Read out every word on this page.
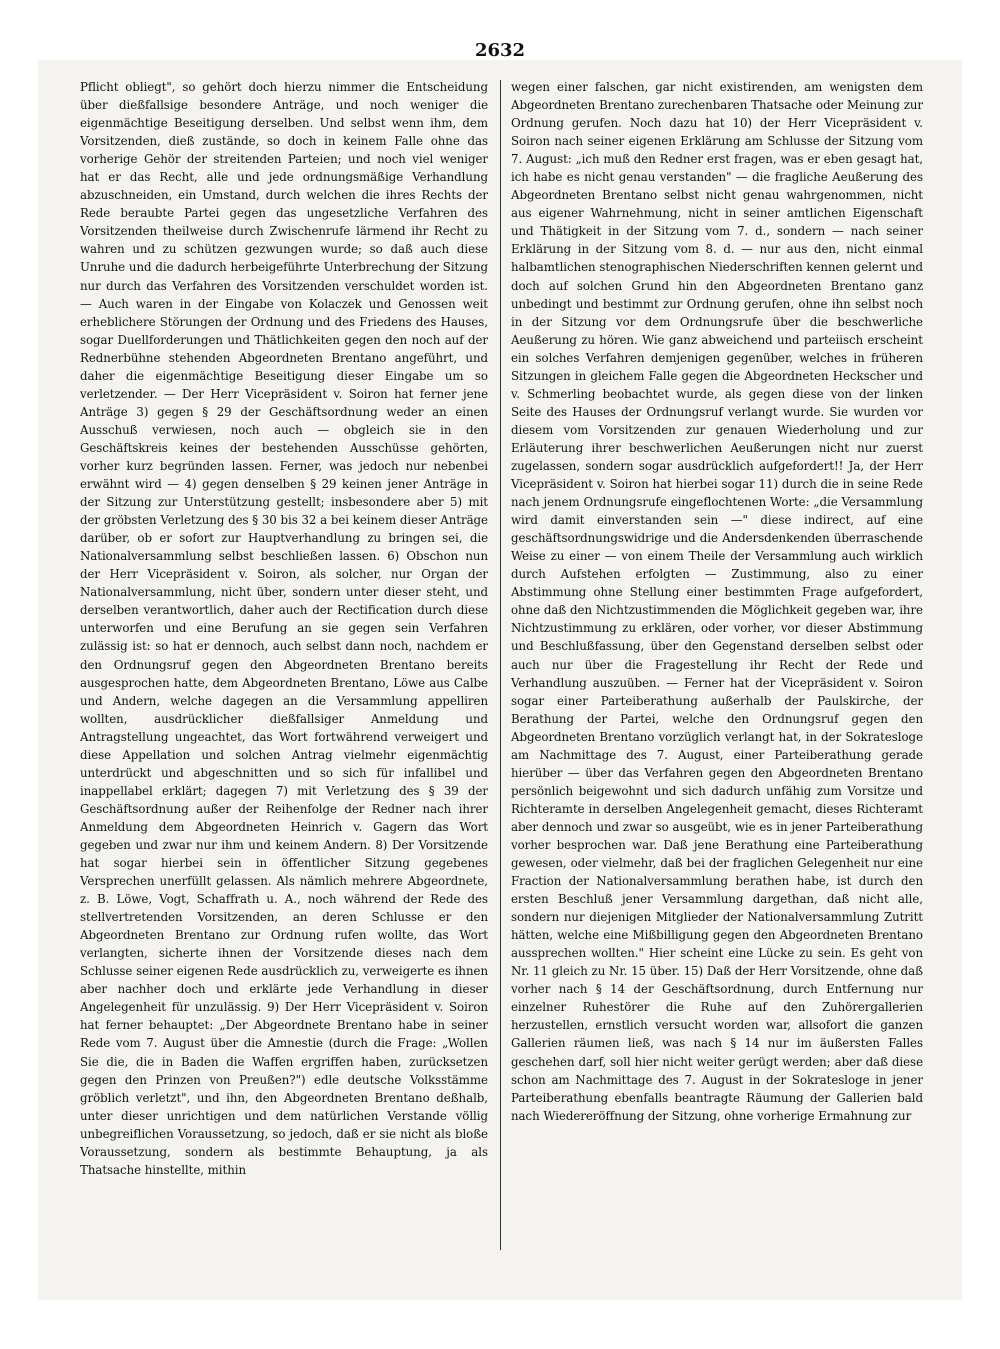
2632

Pflicht obliegt", so gehört doch hierzu nimmer die Entscheidung über dießfallsige besondere Anträge, und noch weniger die eigenmächtige Beseitigung derselben. Und selbst wenn ihm, dem Vorsitzenden, dieß zustände, so doch in keinem Falle ohne das vorherige Gehör der streitenden Parteien; und noch viel weniger hat er das Recht, alle und jede ordnungsmäßige Verhandlung abzuschneiden, ein Umstand, durch welchen die ihres Rechts der Rede beraubte Partei gegen das ungesetzliche Verfahren des Vorsitzenden theilweise durch Zwischenrufe lärmend ihr Recht zu wahren und zu schützen gezwungen wurde; so daß auch diese Unruhe und die dadurch herbeigeführte Unterbrechung der Sitzung nur durch das Verfahren des Vorsitzenden verschuldet worden ist. — Auch waren in der Eingabe von Kolaczek und Genossen weit erheblichere Störungen der Ordnung und des Friedens des Hauses, sogar Duellforderungen und Thätlichkeiten gegen den noch auf der Rednerbühne stehenden Abgeordneten Brentano angeführt, und daher die eigenmächtige Beseitigung dieser Eingabe um so verletzender. — Der Herr Vicepräsident v. Soiron hat ferner jene Anträge 3) gegen § 29 der Geschäftsordnung weder an einen Ausschuß verwiesen, noch auch — obgleich sie in den Geschäftskreis keines der bestehenden Ausschüsse gehörten, vorher kurz begründen lassen. Ferner, was jedoch nur nebenbei erwähnt wird — 4) gegen denselben § 29 keinen jener Anträge in der Sitzung zur Unterstützung gestellt; insbesondere aber 5) mit der gröbsten Verletzung des § 30 bis 32 a bei keinem dieser Anträge darüber, ob er sofort zur Hauptverhandlung zu bringen sei, die Nationalversammlung selbst beschließen lassen. 6) Obschon nun der Herr Vicepräsident v. Soiron, als solcher, nur Organ der Nationalversammlung, nicht über, sondern unter dieser steht, und derselben verantwortlich, daher auch der Rectification durch diese unterworfen und eine Berufung an sie gegen sein Verfahren zulässig ist: so hat er dennoch, auch selbst dann noch, nachdem er den Ordnungsruf gegen den Abgeordneten Brentano bereits ausgesprochen hatte, dem Abgeordneten Brentano, Löwe aus Calbe und Andern, welche dagegen an die Versammlung appelliren wollten, ausdrücklicher dießfallsiger Anmeldung und Antragstellung ungeachtet, das Wort fortwährend verweigert und diese Appellation und solchen Antrag vielmehr eigenmächtig unterdrückt und abgeschnitten und so sich für infallibel und inappellabel erklärt; dagegen 7) mit Verletzung des § 39 der Geschäftsordnung außer der Reihenfolge der Redner nach ihrer Anmeldung dem Abgeordneten Heinrich v. Gagern das Wort gegeben und zwar nur ihm und keinem Andern. 8) Der Vorsitzende hat sogar hierbei sein in öffentlicher Sitzung gegebenes Versprechen unerfüllt gelassen. Als nämlich mehrere Abgeordnete, z. B. Löwe, Vogt, Schaffrath u. A., noch während der Rede des stellvertretenden Vorsitzenden, an deren Schlusse er den Abgeordneten Brentano zur Ordnung rufen wollte, das Wort verlangten, sicherte ihnen der Vorsitzende dieses nach dem Schlusse seiner eigenen Rede ausdrücklich zu, verweigerte es ihnen aber nachher doch und erklärte jede Verhandlung in dieser Angelegenheit für unzulässig. 9) Der Herr Vicepräsident v. Soiron hat ferner behauptet: „Der Abgeordnete Brentano habe in seiner Rede vom 7. August über die Amnestie (durch die Frage: „Wollen Sie die, die in Baden die Waffen ergriffen haben, zurücksetzen gegen den Prinzen von Preußen?") edle deutsche Volksstämme gröblich verletzt", und ihn, den Abgeordneten Brentano deßhalb, unter dieser unrichtigen und dem natürlichen Verstande völlig unbegreiflichen Voraussetzung, so jedoch, daß er sie nicht als bloße Voraussetzung, sondern als bestimmte Behauptung, ja als Thatsache hinstellte, mithin

wegen einer falschen, gar nicht existirenden, am wenigsten dem Abgeordneten Brentano zurechenbaren Thatsache oder Meinung zur Ordnung gerufen. Noch dazu hat 10) der Herr Vicepräsident v. Soiron nach seiner eigenen Erklärung am Schlusse der Sitzung vom 7. August: „ich muß den Redner erst fragen, was er eben gesagt hat, ich habe es nicht genau verstanden" — die fragliche Aeußerung des Abgeordneten Brentano selbst nicht genau wahrgenommen, nicht aus eigener Wahrnehmung, nicht in seiner amtlichen Eigenschaft und Thätigkeit in der Sitzung vom 7. d., sondern — nach seiner Erklärung in der Sitzung vom 8. d. — nur aus den, nicht einmal halbamtlichen stenographischen Niederschriften kennen gelernt und doch auf solchen Grund hin den Abgeordneten Brentano ganz unbedingt und bestimmt zur Ordnung gerufen, ohne ihn selbst noch in der Sitzung vor dem Ordnungsrufe über die beschwerliche Aeußerung zu hören. Wie ganz abweichend und parteiisch erscheint ein solches Verfahren demjenigen gegenüber, welches in früheren Sitzungen in gleichem Falle gegen die Abgeordneten Heckscher und v. Schmerling beobachtet wurde, als gegen diese von der linken Seite des Hauses der Ordnungsruf verlangt wurde. Sie wurden vor diesem vom Vorsitzenden zur genauen Wiederholung und zur Erläuterung ihrer beschwerlichen Aeußerungen nicht nur zuerst zugelassen, sondern sogar ausdrücklich aufgefordert!! Ja, der Herr Vicepräsident v. Soiron hat hierbei sogar 11) durch die in seine Rede nach jenem Ordnungsrufe eingeflochtenen Worte: „die Versammlung wird damit einverstanden sein —" diese indirect, auf eine geschäftsordnungswidrige und die Andersdenkenden überraschende Weise zu einer — von einem Theile der Versammlung auch wirklich durch Aufstehen erfolgten — Zustimmung, also zu einer Abstimmung ohne Stellung einer bestimmten Frage aufgefordert, ohne daß den Nichtzustimmenden die Möglichkeit gegeben war, ihre Nichtzustimmung zu erklären, oder vorher, vor dieser Abstimmung und Beschlußfassung, über den Gegenstand derselben selbst oder auch nur über die Fragestellung ihr Recht der Rede und Verhandlung auszuüben. — Ferner hat der Vicepräsident v. Soiron sogar einer Parteiberathung außerhalb der Paulskirche, der Berathung der Partei, welche den Ordnungsruf gegen den Abgeordneten Brentano vorzüglich verlangt hat, in der Sokratesloge am Nachmittage des 7. August, einer Parteiberathung gerade hierüber — über das Verfahren gegen den Abgeordneten Brentano persönlich beigewohnt und sich dadurch unfähig zum Vorsitze und Richteramte in derselben Angelegenheit gemacht, dieses Richteramt aber dennoch und zwar so ausgeübt, wie es in jener Parteiberathung vorher besprochen war. Daß jene Berathung eine Parteiberathung gewesen, oder vielmehr, daß bei der fraglichen Gelegenheit nur eine Fraction der Nationalversammlung berathen habe, ist durch den ersten Beschluß jener Versammlung dargethan, daß nicht alle, sondern nur diejenigen Mitglieder der Nationalversammlung Zutritt hätten, welche eine Mißbilligung gegen den Abgeordneten Brentano aussprechen wollten." Hier scheint eine Lücke zu sein. Es geht von Nr. 11 gleich zu Nr. 15 über. 15) Daß der Herr Vorsitzende, ohne daß vorher nach § 14 der Geschäftsordnung, durch Entfernung nur einzelner Ruhestörer die Ruhe auf den Zuhörergallerien herzustellen, ernstlich versucht worden war, allsofort die ganzen Gallerien räumen ließ, was nach § 14 nur im äußersten Falles geschehen darf, soll hier nicht weiter gerügt werden; aber daß diese schon am Nachmittage des 7. August in der Sokratesloge in jener Parteiberathung ebenfalls beantragte Räumung der Gallerien bald nach Wiedereröffnung der Sitzung, ohne vorherige Ermahnung zur
